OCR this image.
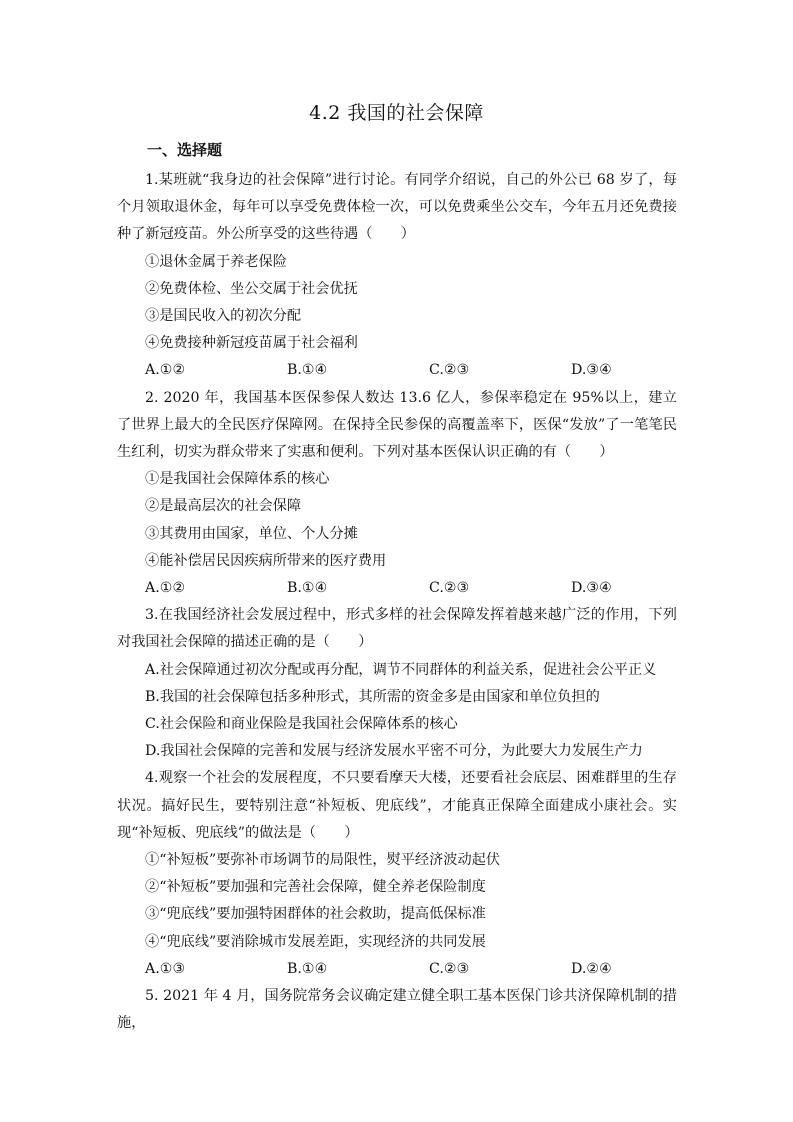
4.2 我国的社会保障
一、选择题

1.某班就“我身边的社会保障”进行讨论。有同学介绍说，自己的外公已 68 岁了，每个月领取退休金，每年可以享受免费体检一次，可以免费乘坐公交车，今年五月还免费接种了新冠疫苗。外公所享受的这些待遇（　　）

①退休金属于养老保险

②免费体检、坐公交属于社会优抚

③是国民收入的初次分配

④免费接种新冠疫苗属于社会福利

A.①②	B.①④	C.②③	D.③④

2. 2020 年，我国基本医保参保人数达 13.6 亿人，参保率稳定在 95%以上，建立了世界上最大的全民医疗保障网。在保持全民参保的高覆盖率下，医保“发放”了一笔笔民生红利，切实为群众带来了实惠和便利。下列对基本医保认识正确的有（　　）

①是我国社会保障体系的核心

②是最高层次的社会保障

③其费用由国家，单位、个人分摊

④能补偿居民因疾病所带来的医疗费用

A.①②	B.①④	C.②③	D.③④

3.在我国经济社会发展过程中，形式多样的社会保障发挥着越来越广泛的作用，下列对我国社会保障的描述正确的是（　　）

A.社会保障通过初次分配或再分配，调节不同群体的利益关系，促进社会公平正义

B.我国的社会保障包括多种形式，其所需的资金多是由国家和单位负担的

C.社会保险和商业保险是我国社会保障体系的核心

D.我国社会保障的完善和发展与经济发展水平密不可分，为此要大力发展生产力

4.观察一个社会的发展程度，不只要看摩天大楼，还要看社会底层、困难群里的生存状况。搞好民生，要特别注意“补短板、兜底线”，才能真正保障全面建成小康社会。实现“补短板、兜底线”的做法是（　　）

①“补短板”要弥补市场调节的局限性，熨平经济波动起伏

②“补短板”要加强和完善社会保障，健全养老保险制度

③“兜底线”要加强特困群体的社会救助，提高低保标准

④“兜底线”要消除城市发展差距，实现经济的共同发展

A.①③	B.①④	C.②③	D.②④

5. 2021 年 4 月，国务院常务会议确定建立健全职工基本医保门诊共济保障机制的措施，
